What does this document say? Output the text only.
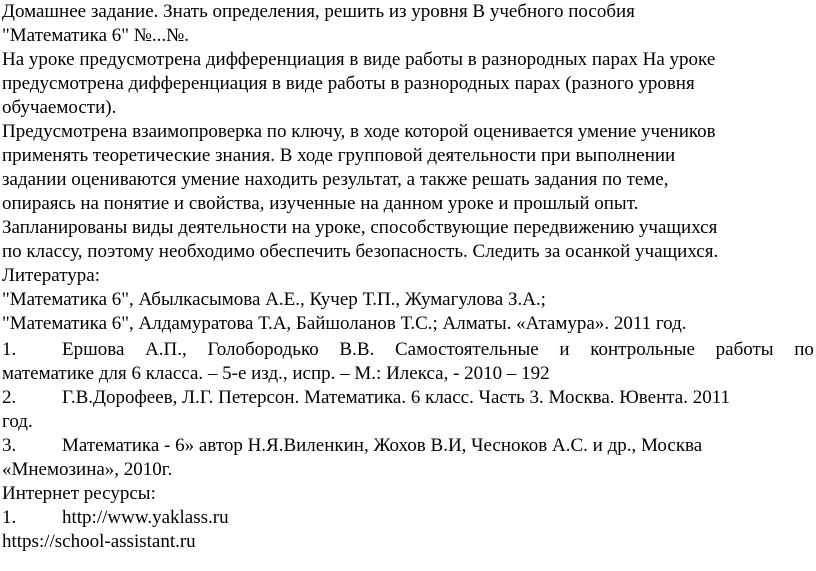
Домашнее задание. Знать определения, решить из уровня В учебного пособия
"Математика 6" №...№.
На уроке предусмотрена дифференциация в виде работы в разнородных парах На уроке
предусмотрена дифференциация в виде работы в разнородных парах (разного уровня
обучаемости).
Предусмотрена взаимопроверка по ключу, в ходе которой оценивается умение учеников
применять теоретические знания. В ходе групповой деятельности при выполнении
задании оцениваются умение находить результат, а также решать задания по теме,
опираясь на понятие и свойства, изученные на данном уроке и прошлый опыт.
Запланированы виды деятельности на уроке, способствующие передвижению учащихся
по классу, поэтому необходимо обеспечить безопасность. Следить за осанкой учащихся.
Литература:
"Математика 6", Абылкасымова А.Е., Кучер Т.П., Жумагулова З.А.;
"Математика 6", Алдамуратова Т.А, Байшоланов Т.С.; Алматы. «Атамура». 2011 год.
1.	Ершова А.П., Голобородько В.В. Самостоятельные и контрольные работы по
математике для 6 класса. – 5-е изд., испр. – М.: Илекса, - 2010 – 192
2. Г.В.Дорофеев, Л.Г. Петерсон. Математика. 6 класс. Часть 3. Москва. Ювента. 2011
год.
3. Математика - 6» автор Н.Я.Виленкин, Жохов В.И, Чесноков А.С. и др., Москва
«Мнемозина», 2010г.
Интернет ресурсы:
1. http://www.yaklass.ru
https://school-assistant.ru
